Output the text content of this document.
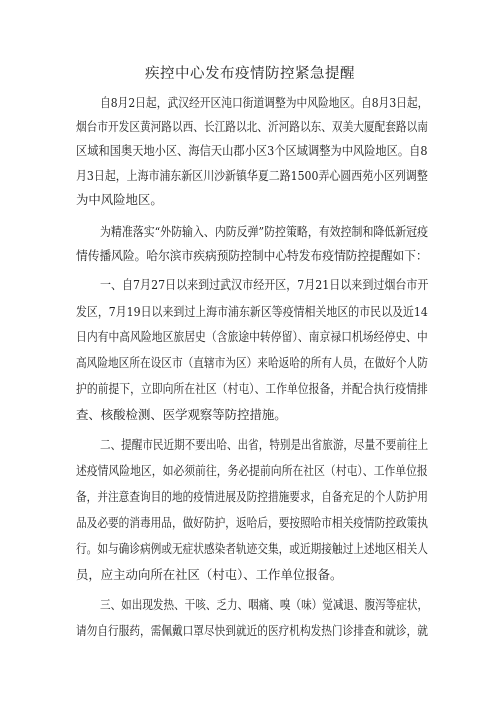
疾控中心发布疫情防控紧急提醒
自8月2日起，武汉经开区沌口街道调整为中风险地区。自8月3日起，
烟台市开发区黄河路以西、长江路以北、沂河路以东、双美大厦配套路以南
区域和国奥天地小区、海信天山郡小区3个区域调整为中风险地区。自8
月3日起，上海市浦东新区川沙新镇华夏二路1500弄心圆西苑小区列调整
为中风险地区。
为精准落实“外防输入、内防反弹”防控策略，有效控制和降低新冠疫
情传播风险。哈尔滨市疾病预防控制中心特发布疫情防控提醒如下：
一、自7月27日以来到过武汉市经开区，7月21日以来到过烟台市开
发区，7月19日以来到过上海市浦东新区等疫情相关地区的市民以及近14
日内有中高风险地区旅居史（含旅途中转停留）、南京禄口机场经停史、中
高风险地区所在设区市（直辖市为区）来哈返哈的所有人员，在做好个人防
护的前提下，立即向所在社区（村屯）、工作单位报备，并配合执行疫情排
查、核酸检测、医学观察等防控措施。
二、提醒市民近期不要出哈、出省，特别是出省旅游，尽量不要前往上
述疫情风险地区，如必须前往，务必提前向所在社区（村屯）、工作单位报
备，并注意查询目的地的疫情进展及防控措施要求，自备充足的个人防护用
品及必要的消毒用品，做好防护，返哈后，要按照哈市相关疫情防控政策执
行。如与确诊病例或无症状感染者轨迹交集，或近期接触过上述地区相关人
员，应主动向所在社区（村屯）、工作单位报备。
三、如出现发热、干咳、乏力、咽痛、嗅（味）觉减退、腹泻等症状，
请勿自行服药，需佩戴口罩尽快到就近的医疗机构发热门诊排查和就诊，就
